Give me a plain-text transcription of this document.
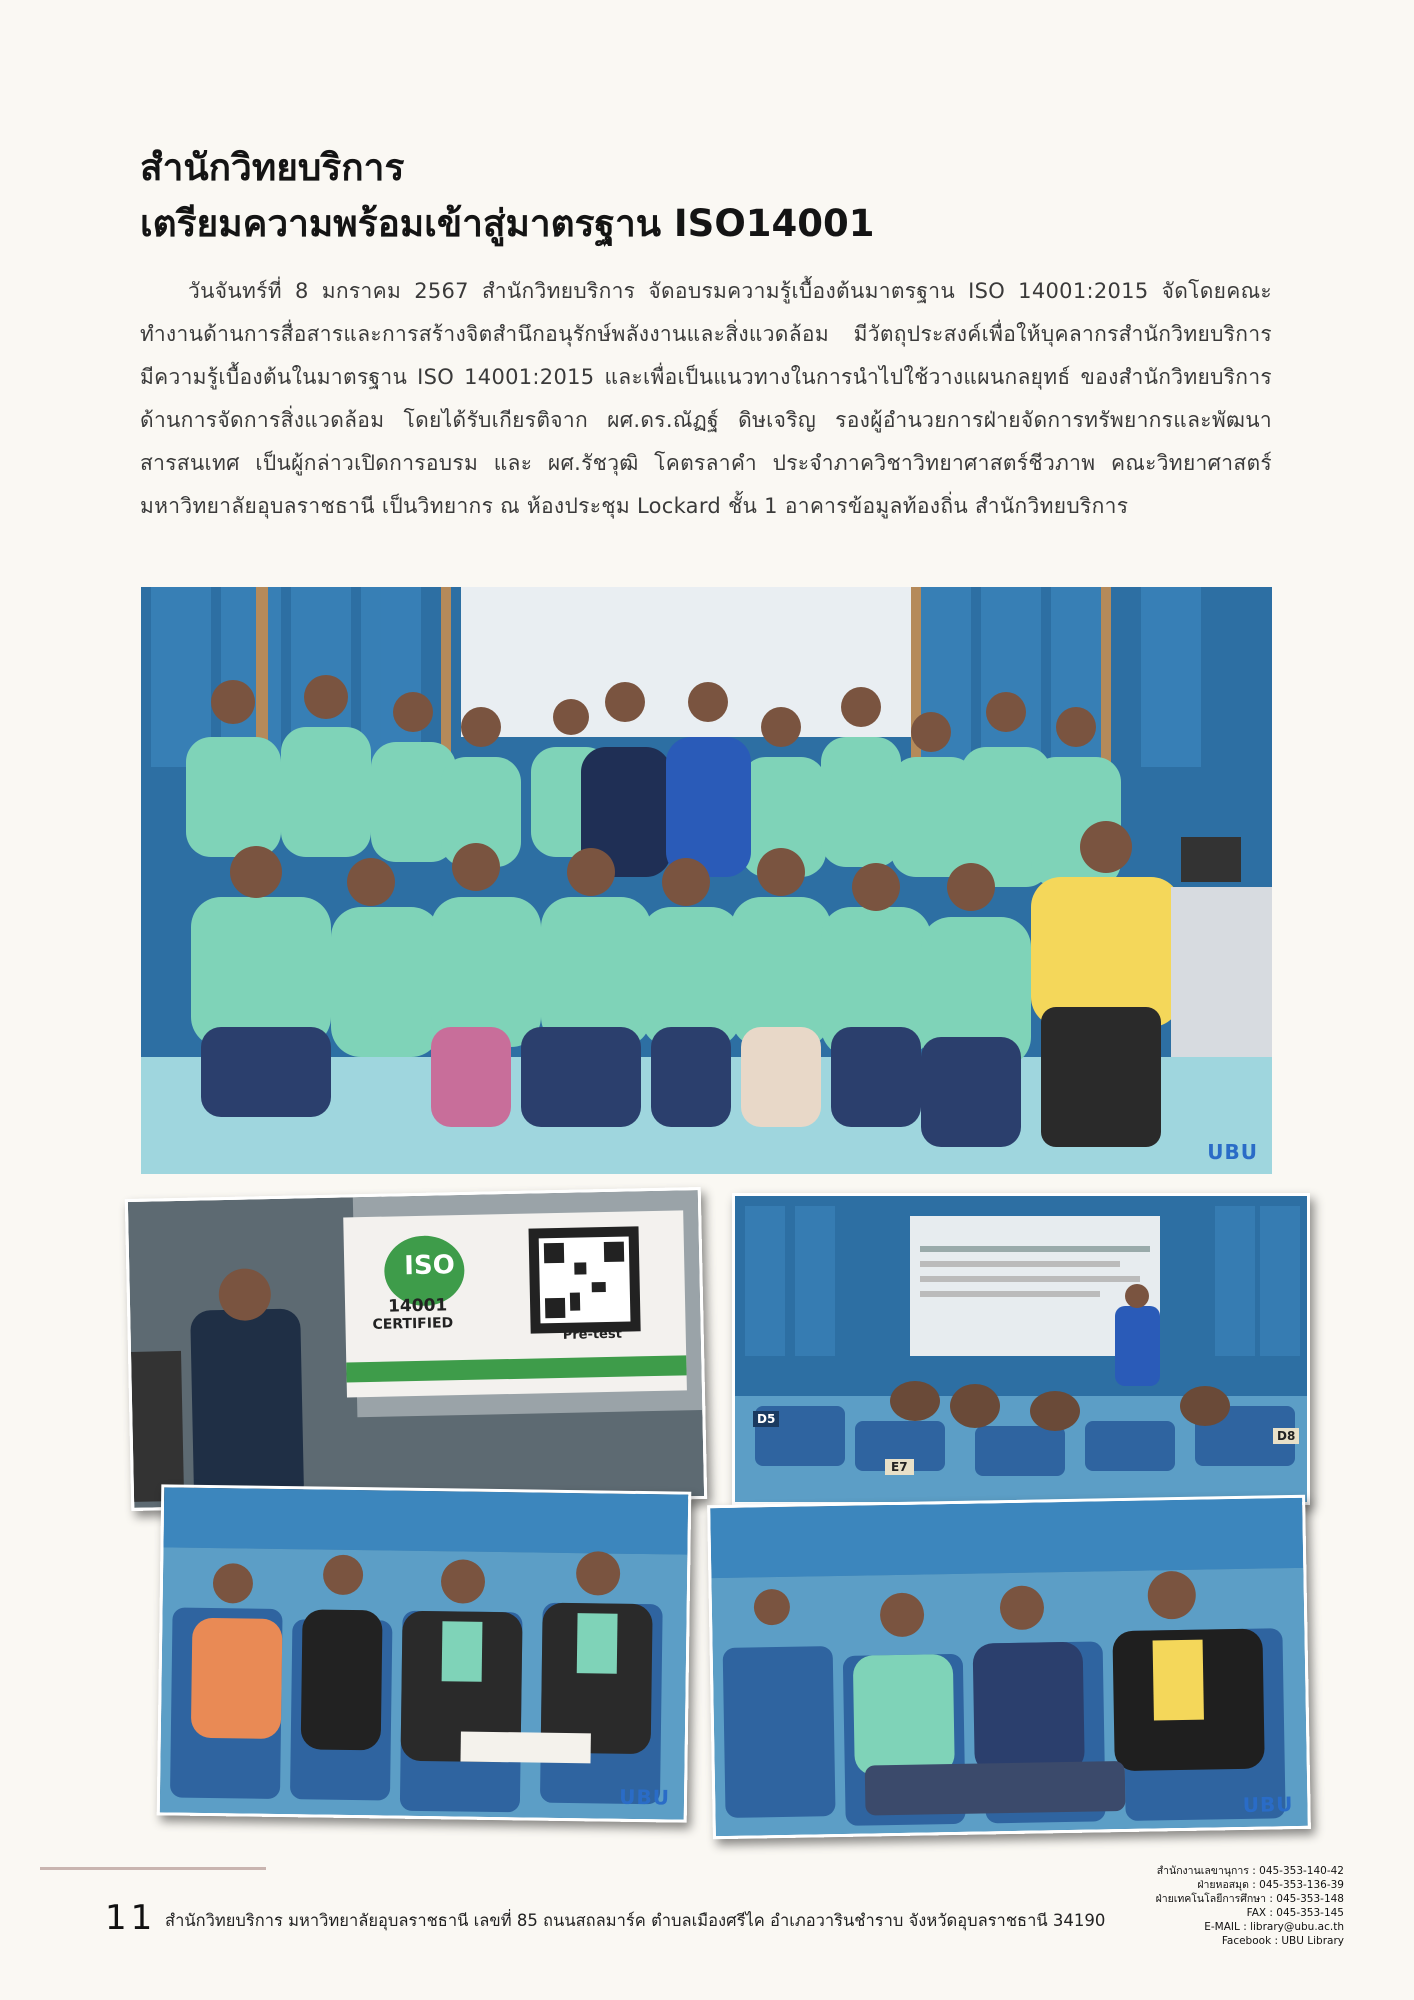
สำนักวิทยบริการ
เตรียมความพร้อมเข้าสู่มาตรฐาน ISO14001
วันจันทร์ที่ 8 มกราคม 2567 สำนักวิทยบริการ จัดอบรมความรู้เบื้องต้นมาตรฐาน ISO 14001:2015 จัดโดยคณะทำงานด้านการสื่อสารและการสร้างจิตสำนึกอนุรักษ์พลังงานและสิ่งแวดล้อม มีวัตถุประสงค์เพื่อให้บุคลากรสำนักวิทยบริการ มีความรู้เบื้องต้นในมาตรฐาน ISO 14001:2015 และเพื่อเป็นแนวทางในการนำไปใช้วางแผนกลยุทธ์ ของสำนักวิทยบริการ ด้านการจัดการสิ่งแวดล้อม โดยได้รับเกียรติจาก ผศ.ดร.ณัฏฐ์ ดิษเจริญ รองผู้อำนวยการฝ่ายจัดการทรัพยากรและพัฒนาสารสนเทศ เป็นผู้กล่าวเปิดการอบรม และ ผศ.รัชวุฒิ โคตรลาคำ ประจำภาควิชาวิทยาศาสตร์ชีวภาพ คณะวิทยาศาสตร์ มหาวิทยาลัยอุบลราชธานี เป็นวิทยากร ณ ห้องประชุม Lockard ชั้น 1 อาคารข้อมูลท้องถิ่น สำนักวิทยบริการ
UBU
ISO
14001
CERTIFIED
Pre-test
D5
E7
D8
UBU	UBU
11 สำนักวิทยบริการ มหาวิทยาลัยอุบลราชธานี เลขที่ 85 ถนนสถลมาร์ค ตำบลเมืองศรีไค อำเภอวารินชำราบ จังหวัดอุบลราชธานี 34190
สำนักงานเลขานุการ : 045-353-140-42
ฝ่ายหอสมุด : 045-353-136-39
ฝ่ายเทคโนโลยีการศึกษา : 045-353-148
FAX : 045-353-145
E-MAIL : library@ubu.ac.th
Facebook : UBU Library
